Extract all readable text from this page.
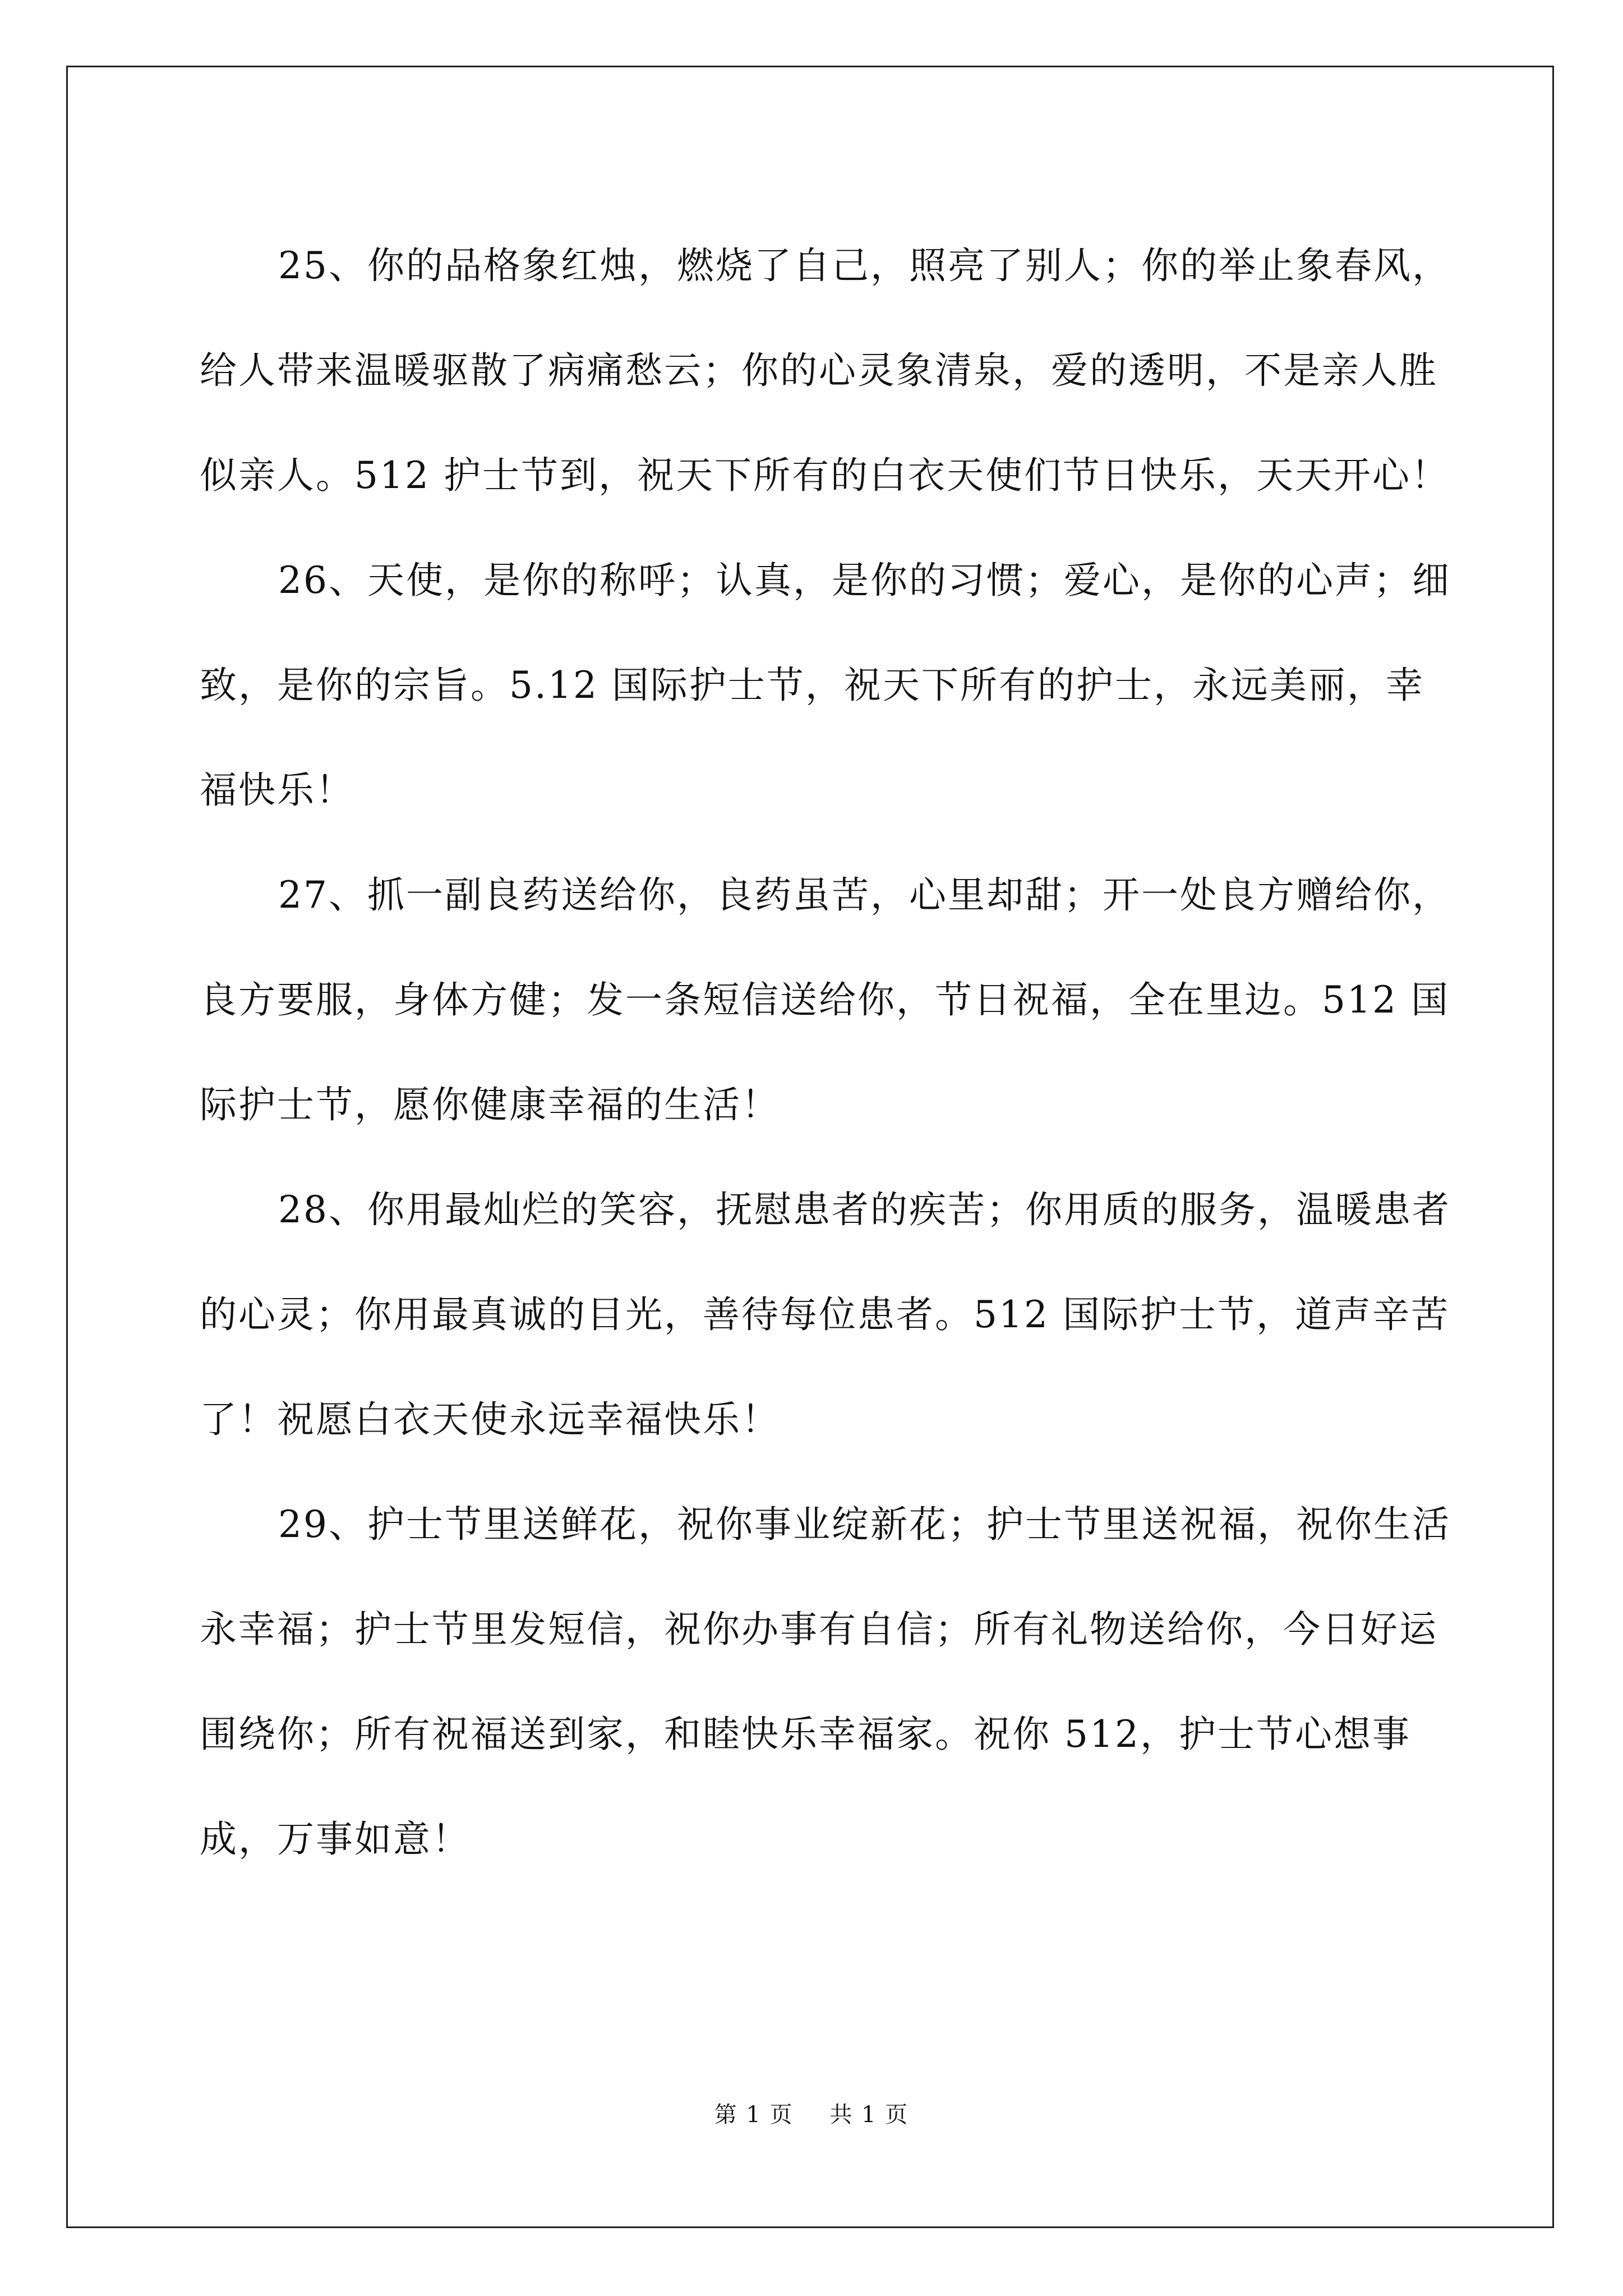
25、你的品格象红烛，燃烧了自己，照亮了别人；你的举止象春风，给人带来温暖驱散了病痛愁云；你的心灵象清泉，爱的透明，不是亲人胜似亲人。512 护士节到，祝天下所有的白衣天使们节日快乐，天天开心！

26、天使，是你的称呼；认真，是你的习惯；爱心，是你的心声；细致，是你的宗旨。5.12 国际护士节，祝天下所有的护士，永远美丽，幸福快乐！

27、抓一副良药送给你，良药虽苦，心里却甜；开一处良方赠给你，良方要服，身体方健；发一条短信送给你，节日祝福，全在里边。512 国际护士节，愿你健康幸福的生活！

28、你用最灿烂的笑容，抚慰患者的疾苦；你用质的服务，温暖患者的心灵；你用最真诚的目光，善待每位患者。512 国际护士节，道声辛苦了！祝愿白衣天使永远幸福快乐！

29、护士节里送鲜花，祝你事业绽新花；护士节里送祝福，祝你生活永幸福；护士节里发短信，祝你办事有自信；所有礼物送给你，今日好运围绕你；所有祝福送到家，和睦快乐幸福家。祝你 512，护士节心想事成，万事如意！

第 1 页 共 1 页
